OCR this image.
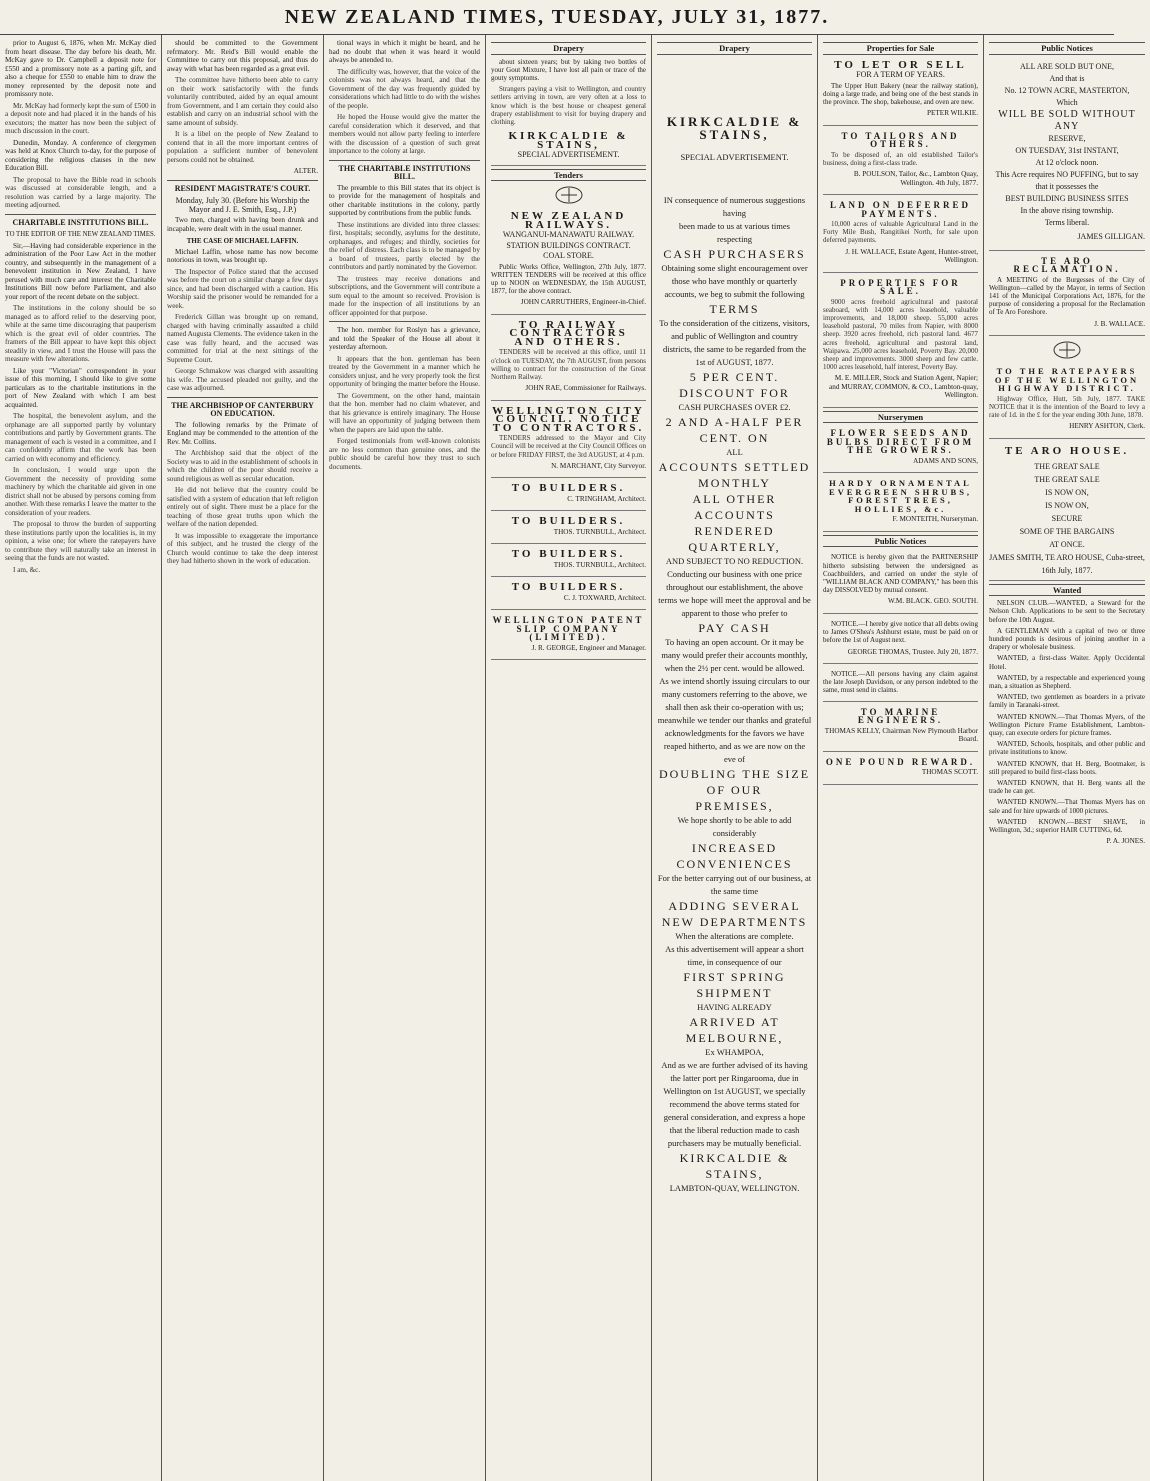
NEW ZEALAND TIMES, TUESDAY, JULY 31, 1877.

prior to August 6, 1876, when Mr. McKay died from heart disease. The day before his death, Mr. McKay gave to Dr. Campbell a deposit note for £550 and a promissory note as a parting gift, and also a cheque for £550 to enable him to draw the money represented by the deposit note and promissory note.

Mr. McKay had formerly kept the sum of £500 in a deposit note and had placed it in the hands of his executors; the matter has now been the subject of much discussion in the court.

Dunedin, Monday. A conference of clergymen was held at Knox Church to-day, for the purpose of considering the religious clauses in the new Education Bill.

The proposal to have the Bible read in schools was discussed at considerable length, and a resolution was carried by a large majority. The meeting adjourned.

CHARITABLE INSTITUTIONS BILL.
TO THE EDITOR OF THE NEW ZEALAND TIMES.

Sir,—Having had considerable experience in the administration of the Poor Law Act in the mother country, and subsequently in the management of a benevolent institution in New Zealand, I have perused with much care and interest the Charitable Institutions Bill now before Parliament, and also your report of the recent debate on the subject.

The institutions in the colony should be so managed as to afford relief to the deserving poor, while at the same time discouraging that pauperism which is the great evil of older countries. The framers of the Bill appear to have kept this object steadily in view, and I trust the House will pass the measure with few alterations.

Like your "Victorian" correspondent in your issue of this morning, I should like to give some particulars as to the charitable institutions in the port of New Zealand with which I am best acquainted.

The hospital, the benevolent asylum, and the orphanage are all supported partly by voluntary contributions and partly by Government grants. The management of each is vested in a committee, and I can confidently affirm that the work has been carried on with economy and efficiency.

In conclusion, I would urge upon the Government the necessity of providing some machinery by which the charitable aid given in one district shall not be abused by persons coming from another. With these remarks I leave the matter to the consideration of your readers.

The proposal to throw the burden of supporting these institutions partly upon the localities is, in my opinion, a wise one; for where the ratepayers have to contribute they will naturally take an interest in seeing that the funds are not wasted.

I am, &c.

should be committed to the Government refrmatory. Mr. Reid's Bill would enable the Committee to carry out this proposal, and thus do away with what has been regarded as a great evil.

The committee have hitherto been able to carry on their work satisfactorily with the funds voluntarily contributed, aided by an equal amount from Government, and I am certain they could also establish and carry on an industrial school with the same amount of subsidy.

It is a libel on the people of New Zealand to contend that in all the more important centres of population a sufficient number of benevolent persons could not be obtained.

ALTER.
RESIDENT MAGISTRATE'S COURT.
Monday, July 30. (Before his Worship the Mayor and J. E. Smith, Esq., J.P.)

Two men, charged with having been drunk and incapable, were dealt with in the usual manner.

THE CASE OF MICHAEL LAFFIN.

Michael Laffin, whose name has now become notorious in town, was brought up.

The Inspector of Police stated that the accused was before the court on a similar charge a few days since, and had been discharged with a caution. His Worship said the prisoner would be remanded for a week.

Frederick Gillan was brought up on remand, charged with having criminally assaulted a child named Augusta Clements. The evidence taken in the case was fully heard, and the accused was committed for trial at the next sittings of the Supreme Court.

George Schmakow was charged with assaulting his wife. The accused pleaded not guilty, and the case was adjourned.

THE ARCHBISHOP OF CANTERBURY ON EDUCATION.

The following remarks by the Primate of England may be commended to the attention of the Rev. Mr. Collins.

The Archbishop said that the object of the Society was to aid in the establishment of schools in which the children of the poor should receive a sound religious as well as secular education.

He did not believe that the country could be satisfied with a system of education that left religion entirely out of sight. There must be a place for the teaching of those great truths upon which the welfare of the nation depended.

It was impossible to exaggerate the importance of this subject, and he trusted the clergy of the Church would continue to take the deep interest they had hitherto shown in the work of education.

tional ways in which it might be heard, and he had no doubt that when it was heard it would always be attended to.

The difficulty was, however, that the voice of the colonists was not always heard, and that the Government of the day was frequently guided by considerations which had little to do with the wishes of the people.

He hoped the House would give the matter the careful consideration which it deserved, and that members would not allow party feeling to interfere with the discussion of a question of such great importance to the colony at large.

THE CHARITABLE INSTITUTIONS BILL.

The preamble to this Bill states that its object is to provide for the management of hospitals and other charitable institutions in the colony, partly supported by contributions from the public funds.

These institutions are divided into three classes: first, hospitals; secondly, asylums for the destitute, orphanages, and refuges; and thirdly, societies for the relief of distress. Each class is to be managed by a board of trustees, partly elected by the contributors and partly nominated by the Governor.

The trustees may receive donations and subscriptions, and the Government will contribute a sum equal to the amount so received. Provision is made for the inspection of all institutions by an officer appointed for that purpose.

The hon. member for Roslyn has a grievance, and told the Speaker of the House all about it yesterday afternoon.

It appears that the hon. gentleman has been treated by the Government in a manner which he considers unjust, and he very properly took the first opportunity of bringing the matter before the House.

The Government, on the other hand, maintain that the hon. member had no claim whatever, and that his grievance is entirely imaginary. The House will have an opportunity of judging between them when the papers are laid upon the table.

Forged testimonials from well-known colonists are no less common than genuine ones, and the public should be careful how they trust to such documents.

Drapery

about sixteen years; but by taking two bottles of your Gout Mixture, I have lost all pain or trace of the gouty symptoms.

Strangers paying a visit to Wellington, and country settlers arriving in town, are very often at a loss to know which is the best house or cheapest general drapery establishment to visit for buying drapery and clothing.

KIRKCALDIE & STAINS,
SPECIAL ADVERTISEMENT.
Tenders
NEW ZEALAND RAILWAYS.
WANGANUI-MANAWATU RAILWAY.
STATION BUILDINGS CONTRACT.
COAL STORE.

Public Works Office, Wellington, 27th July, 1877. WRITTEN TENDERS will be received at this office up to NOON on WEDNESDAY, the 15th AUGUST, 1877, for the above contract.

JOHN CARRUTHERS, Engineer-in-Chief.
TO RAILWAY CONTRACTORS AND OTHERS.

TENDERS will be received at this office, until 11 o'clock on TUESDAY, the 7th AUGUST, from persons willing to contract for the construction of the Great Northern Railway.

JOHN RAE, Commissioner for Railways.
WELLINGTON CITY COUNCIL. NOTICE TO CONTRACTORS.

TENDERS addressed to the Mayor and City Council will be received at the City Council Offices on or before FRIDAY FIRST, the 3rd AUGUST, at 4 p.m.

N. MARCHANT, City Surveyor.
TO BUILDERS.
C. TRINGHAM, Architect.
TO BUILDERS.
THOS. TURNBULL, Architect.
TO BUILDERS.
THOS. TURNBULL, Architect.
TO BUILDERS.
C. J. TOXWARD, Architect.
WELLINGTON PATENT SLIP COMPANY (LIMITED).
J. R. GEORGE, Engineer and Manager.
Drapery
KIRKCALDIE & STAINS,
SPECIAL ADVERTISEMENT.
IN consequence of numerous suggestions having
been made to us at various times
respecting
CASH PURCHASERS
Obtaining some slight encouragement over those who have monthly or quarterly accounts, we beg to submit the following
TERMS
To the consideration of the citizens, visitors, and public of Wellington and country districts, the same to be regarded from the 1st of AUGUST, 1877.
5 PER CENT. DISCOUNT FOR
CASH PURCHASES OVER £2.
2 AND A-HALF PER CENT. ON
ALL
ACCOUNTS SETTLED MONTHLY
ALL OTHER ACCOUNTS RENDERED
QUARTERLY,
AND SUBJECT TO NO REDUCTION.
Conducting our business with one price throughout our establishment, the above terms we hope will meet the approval and be apparent to those who prefer to
PAY CASH
To having an open account. Or it may be many would prefer their accounts monthly, when the 2½ per cent. would be allowed.
As we intend shortly issuing circulars to our many customers referring to the above, we shall then ask their co-operation with us; meanwhile we tender our thanks and grateful acknowledgments for the favors we have reaped hitherto, and as we are now on the eve of
DOUBLING THE SIZE OF OUR
PREMISES,
We hope shortly to be able to add considerably
INCREASED CONVENIENCES
For the better carrying out of our business, at the same time
ADDING SEVERAL NEW DEPARTMENTS
When the alterations are complete.
As this advertisement will appear a short time, in consequence of our
FIRST SPRING SHIPMENT
HAVING ALREADY
ARRIVED AT MELBOURNE,
Ex WHAMPOA,
And as we are further advised of its having the latter port per Ringarooma, due in Wellington on 1st AUGUST, we specially recommend the above terms stated for general consideration, and express a hope that the liberal reduction made to cash purchasers may be mutually beneficial.
KIRKCALDIE & STAINS,
LAMBTON-QUAY, WELLINGTON.
Properties for Sale
TO LET OR SELL
FOR A TERM OF YEARS.

The Upper Hutt Bakery (near the railway station), doing a large trade, and being one of the best stands in the province. The shop, bakehouse, and oven are new.

PETER WILKIE.
TO TAILORS AND OTHERS.

To be disposed of, an old established Tailor's business, doing a first-class trade.

B. POULSON, Tailor, &c., Lambton Quay, Wellington. 4th July, 1877.
LAND ON DEFERRED PAYMENTS.

10,000 acres of valuable Agricultural Land in the Forty Mile Bush, Rangitikei North, for sale upon deferred payments.

J. H. WALLACE, Estate Agent, Hunter-street, Wellington.
PROPERTIES FOR SALE.

9000 acres freehold agricultural and pastoral seaboard, with 14,000 acres leasehold, valuable improvements, and 18,000 sheep. 55,000 acres leasehold pastoral, 70 miles from Napier, with 8000 sheep. 3920 acres freehold, rich pastoral land. 4677 acres freehold, agricultural and pastoral land, Waipawa. 25,000 acres leasehold, Poverty Bay. 20,000 sheep and improvements. 3000 sheep and few cattle. 1000 acres leasehold, half interest, Poverty Bay.

M. E. MILLER, Stock and Station Agent, Napier; and MURRAY, COMMON, & CO., Lambton-quay, Wellington.
Nurserymen
FLOWER SEEDS AND BULBS DIRECT FROM THE GROWERS.
ADAMS AND SONS,
HARDY ORNAMENTAL EVERGREEN SHRUBS, FOREST TREES, HOLLIES, &c.
F. MONTEITH, Nurseryman.
Public Notices

NOTICE is hereby given that the PARTNERSHIP hitherto subsisting between the undersigned as Coachbuilders, and carried on under the style of "WILLIAM BLACK AND COMPANY," has been this day DISSOLVED by mutual consent.

W.M. BLACK. GEO. SOUTH.

NOTICE.—I hereby give notice that all debts owing to James O'Shea's Ashhurst estate, must be paid on or before the 1st of August next.

GEORGE THOMAS, Trustee. July 20, 1877.

NOTICE.—All persons having any claim against the late Joseph Davidson, or any person indebted to the same, must send in claims.

TO MARINE ENGINEERS.
THOMAS KELLY, Chairman New Plymouth Harbor Board.
ONE POUND REWARD.
THOMAS SCOTT.
Public Notices
ALL ARE SOLD BUT ONE,
And that is
No. 12 TOWN ACRE, MASTERTON,
Which
WILL BE SOLD WITHOUT ANY
RESERVE,
ON TUESDAY, 31st INSTANT,
At 12 o'clock noon.
This Acre requires NO PUFFING, but to say that it possesses the
BEST BUILDING BUSINESS SITES
In the above rising township.
Terms liberal.
JAMES GILLIGAN.
TE ARO RECLAMATION.

A MEETING of the Burgesses of the City of Wellington—called by the Mayor, in terms of Section 141 of the Municipal Corporations Act, 1876, for the purpose of considering a proposal for the Reclamation of Te Aro Foreshore.

J. B. WALLACE.
TO THE RATEPAYERS OF THE WELLINGTON HIGHWAY DISTRICT.

Highway Office, Hutt, 5th July, 1877. TAKE NOTICE that it is the intention of the Board to levy a rate of 1d. in the £ for the year ending 30th June, 1878.

HENRY ASHTON, Clerk.
TE ARO HOUSE.
THE GREAT SALE
THE GREAT SALE
IS NOW ON,
IS NOW ON,
SECURE
SOME OF THE BARGAINS
AT ONCE.
JAMES SMITH, TE ARO HOUSE, Cuba-street, 16th July, 1877.
Wanted

NELSON CLUB.—WANTED, a Steward for the Nelson Club. Applications to be sent to the Secretary before the 10th August.

A GENTLEMAN with a capital of two or three hundred pounds is desirous of joining another in a drapery or wholesale business.

WANTED, a first-class Waiter. Apply Occidental Hotel.

WANTED, by a respectable and experienced young man, a situation as Shepherd.

WANTED, two gentlemen as boarders in a private family in Taranaki-street.

WANTED KNOWN.—That Thomas Myers, of the Wellington Picture Frame Establishment, Lambton-quay, can execute orders for picture frames.

WANTED, Schools, hospitals, and other public and private institutions to know.

WANTED KNOWN, that H. Berg, Bootmaker, is still prepared to build first-class boots.

WANTED KNOWN, that H. Berg wants all the trade he can get.

WANTED KNOWN.—That Thomas Myers has on sale and for hire upwards of 1000 pictures.

WANTED KNOWN.—BEST SHAVE, in Wellington, 3d.; superior HAIR CUTTING, 6d.

P. A. JONES.
